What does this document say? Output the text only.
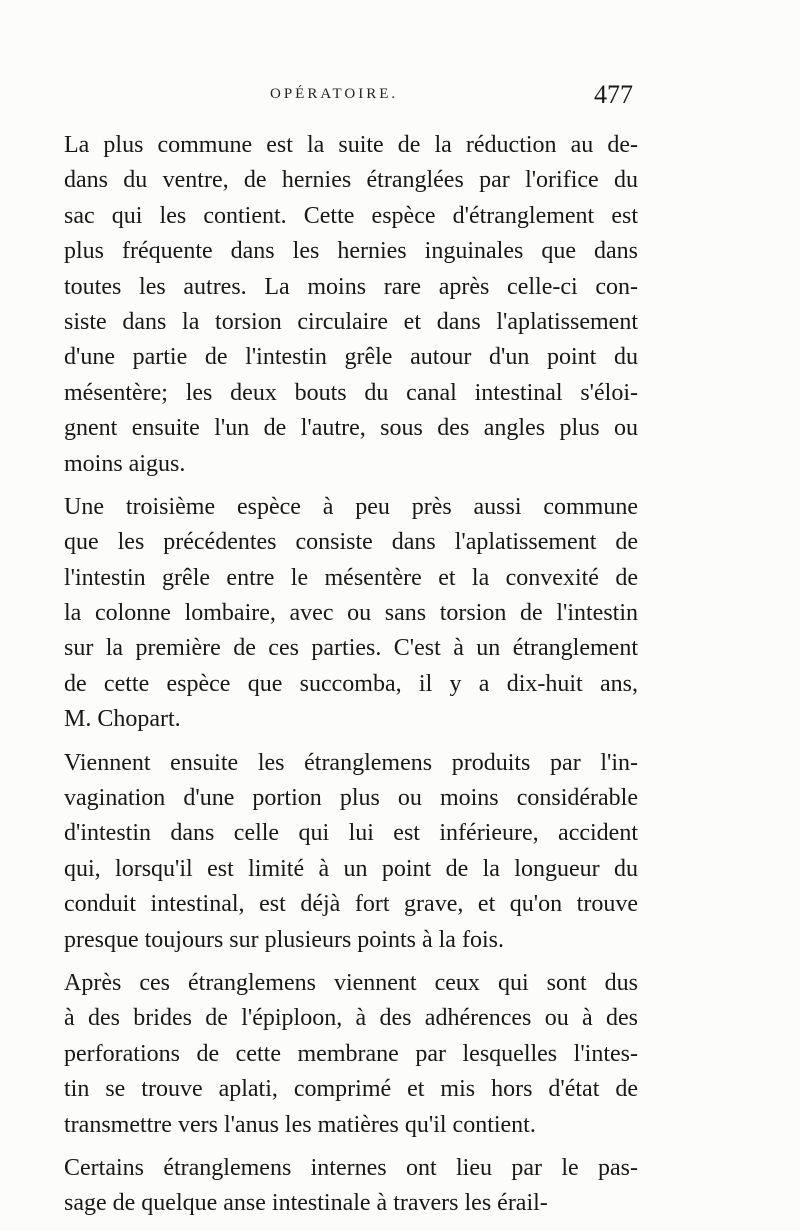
OPÉRATOIRE.	477
La plus commune est la suite de la réduction au de-
dans du ventre, de hernies étranglées par l'orifice du
sac qui les contient. Cette espèce d'étranglement est
plus fréquente dans les hernies inguinales que dans
toutes les autres. La moins rare après celle-ci con-
siste dans la torsion circulaire et dans l'aplatissement
d'une partie de l'intestin grêle autour d'un point du
mésentère; les deux bouts du canal intestinal s'éloi-
gnent ensuite l'un de l'autre, sous des angles plus ou
moins aigus.
Une troisième espèce à peu près aussi commune
que les précédentes consiste dans l'aplatissement de
l'intestin grêle entre le mésentère et la convexité de
la colonne lombaire, avec ou sans torsion de l'intestin
sur la première de ces parties. C'est à un étranglement
de cette espèce que succomba, il y a dix-huit ans,
M. Chopart.
Viennent ensuite les étranglemens produits par l'in-
vagination d'une portion plus ou moins considérable
d'intestin dans celle qui lui est inférieure, accident
qui, lorsqu'il est limité à un point de la longueur du
conduit intestinal, est déjà fort grave, et qu'on trouve
presque toujours sur plusieurs points à la fois.
Après ces étranglemens viennent ceux qui sont dus
à des brides de l'épiploon, à des adhérences ou à des
perforations de cette membrane par lesquelles l'intes-
tin se trouve aplati, comprimé et mis hors d'état de
transmettre vers l'anus les matières qu'il contient.
Certains étranglemens internes ont lieu par le pas-
sage de quelque anse intestinale à travers les érail-
